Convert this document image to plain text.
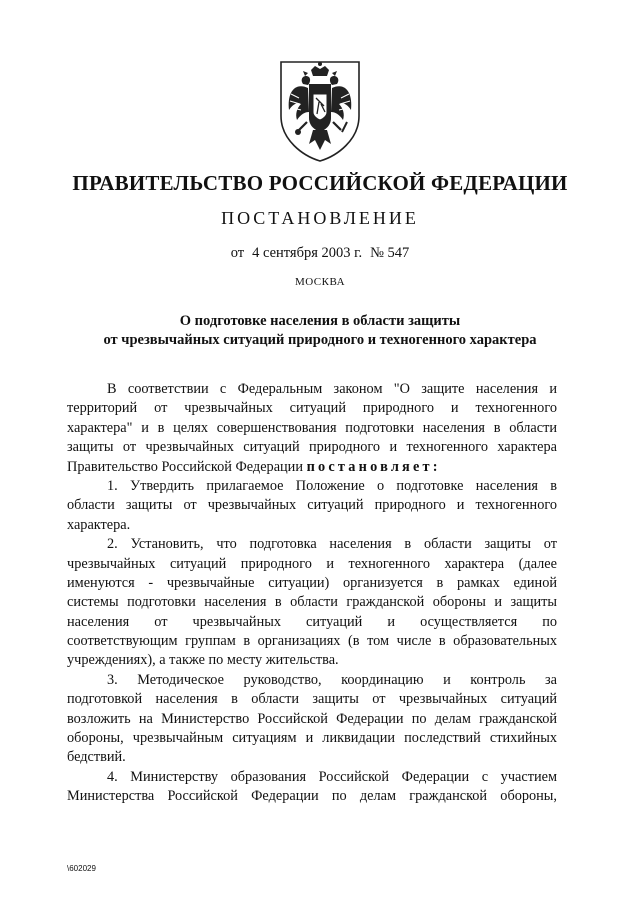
ПРАВИТЕЛЬСТВО РОССИЙСКОЙ ФЕДЕРАЦИИ
ПОСТАНОВЛЕНИЕ
от 4 сентября 2003 г. № 547
МОСКВА
О подготовке населения в области защиты
от чрезвычайных ситуаций природного и техногенного характера
В соответствии с Федеральным законом "О защите населения и
территорий от чрезвычайных ситуаций природного и техногенного
характера" и в целях совершенствования подготовки населения в области
защиты от чрезвычайных ситуаций природного и техногенного характера
Правительство Российской Федерации постановляет:
1. Утвердить прилагаемое Положение о подготовке населения в
области защиты от чрезвычайных ситуаций природного и техногенного
характера.
2. Установить, что подготовка населения в области защиты от
чрезвычайных ситуаций природного и техногенного характера (далее
именуются - чрезвычайные ситуации) организуется в рамках единой
системы подготовки населения в области гражданской обороны и защиты
населения от чрезвычайных ситуаций и осуществляется по
соответствующим группам в организациях (в том числе в образовательных
учреждениях), а также по месту жительства.
3. Методическое руководство, координацию и контроль за
подготовкой населения в области защиты от чрезвычайных ситуаций
возложить на Министерство Российской Федерации по делам гражданской
обороны, чрезвычайным ситуациям и ликвидации последствий стихийных
бедствий.
4. Министерству образования Российской Федерации с участием
Министерства Российской Федерации по делам гражданской обороны,
\602029
